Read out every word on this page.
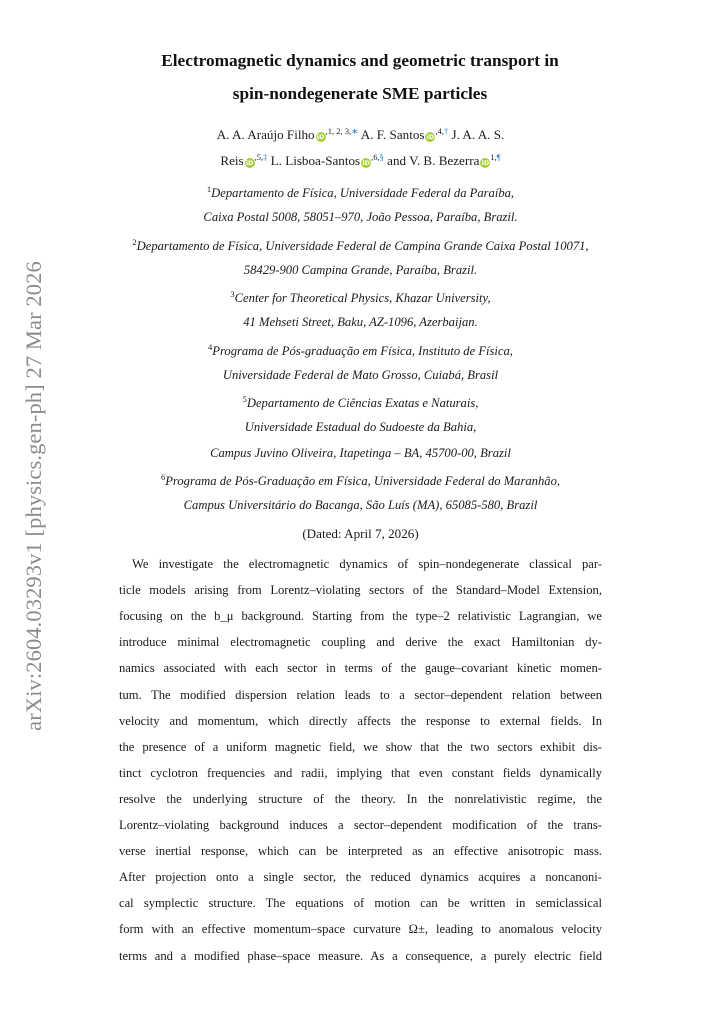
arXiv:2604.03293v1 [physics.gen-ph] 27 Mar 2026
Electromagnetic dynamics and geometric transport in
spin-nondegenerate SME particles
A. A. Araújo Filho iD$^{,1, 2, 3,∗}$ A. F. Santos iD$^{,4,\dagger}$ J. A. A. S.
Reis iD$^{,5,\ddagger}$ L. Lisboa-Santos iD$^{,6,\S}$ and V. B. Bezerra iD$^{1,\P}$
$^1$Departamento de Física, Universidade Federal da Paraíba,
Caixa Postal 5008, 58051–970, João Pessoa, Paraíba, Brazil.
$^2$Departamento de Física, Universidade Federal de Campina Grande Caixa Postal 10071,
58429-900 Campina Grande, Paraíba, Brazil.
$^3$Center for Theoretical Physics, Khazar University,
41 Mehseti Street, Baku, AZ-1096, Azerbaijan.
$^4$Programa de Pós-graduação em Física, Instituto de Física,
Universidade Federal de Mato Grosso, Cuiabá, Brasil
$^5$Departamento de Ciências Exatas e Naturais,
Universidade Estadual do Sudoeste da Bahia,
Campus Juvino Oliveira, Itapetinga – BA, 45700-00, Brazil
$^6$Programa de Pós-Graduação em Física, Universidade Federal do Maranhão,
Campus Universitário do Bacanga, São Luís (MA), 65085-580, Brazil
(Dated: April 7, 2026)
We investigate the electromagnetic dynamics of spin–nondegenerate classical par-
ticle models arising from Lorentz–violating sectors of the Standard–Model Extension,
focusing on the b_μ background. Starting from the type–2 relativistic Lagrangian, we
introduce minimal electromagnetic coupling and derive the exact Hamiltonian dy-
namics associated with each sector in terms of the gauge–covariant kinetic momen-
tum. The modified dispersion relation leads to a sector–dependent relation between
velocity and momentum, which directly affects the response to external fields. In
the presence of a uniform magnetic field, we show that the two sectors exhibit dis-
tinct cyclotron frequencies and radii, implying that even constant fields dynamically
resolve the underlying structure of the theory. In the nonrelativistic regime, the
Lorentz–violating background induces a sector–dependent modification of the trans-
verse inertial response, which can be interpreted as an effective anisotropic mass.
After projection onto a single sector, the reduced dynamics acquires a noncanoni-
cal symplectic structure. The equations of motion can be written in semiclassical
form with an effective momentum–space curvature Ω±, leading to anomalous velocity
terms and a modified phase–space measure. As a consequence, a purely electric field
